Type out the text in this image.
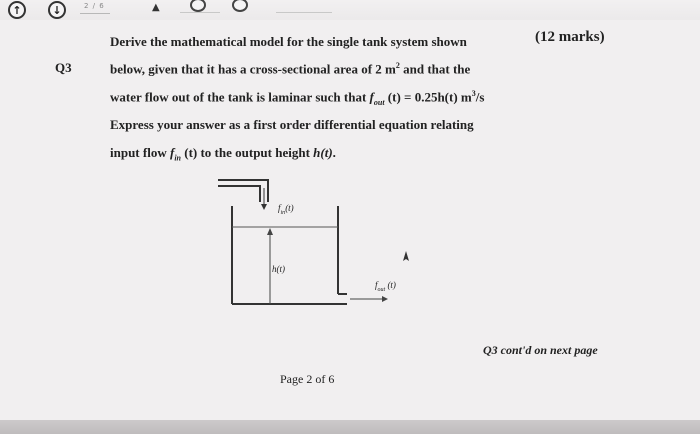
↑	↓	2 / 6	▲
Q3
(12 marks)
Derive the mathematical model for the single tank system shown
below, given that it has a cross-sectional area of 2 $m^2$ and that the
water flow out of the tank is laminar such that $f_{out}$ (t) = 0.25h(t) $m^3/s$
Express your answer as a first order differential equation relating
input flow $f_{in}$ (t) to the output height h(t).
$f_{in}(t)$
h(t)
$f_{out}$ (t)
Q3 cont'd on next page
Page 2 of 6
